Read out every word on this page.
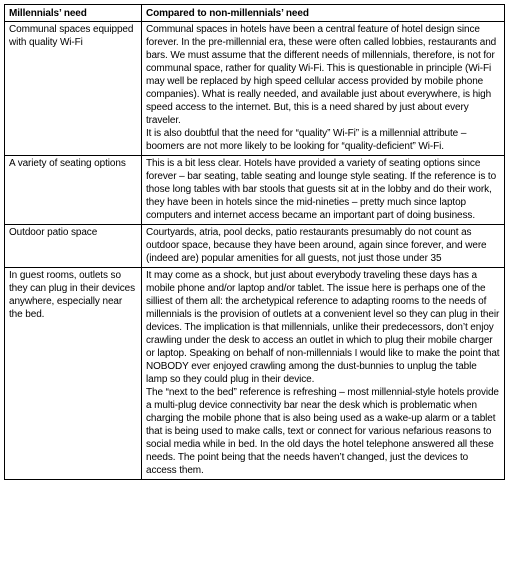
Millennials’ need	Compared to non-millennials’ need
Communal spaces equipped with quality Wi-Fi	Communal spaces in hotels have been a central feature of hotel design since forever. In the pre-millennial era, these were often called lobbies, restaurants and bars. We must assume that the different needs of millennials, therefore, is not for communal space, rather for quality Wi-Fi. This is questionable in principle (Wi-Fi may well be replaced by high speed cellular access provided by mobile phone companies). What is really needed, and available just about everywhere, is high speed access to the internet. But, this is a need shared by just about every traveler.

It is also doubtful that the need for “quality” Wi-Fi” is a millennial attribute – boomers are not more likely to be looking for “quality-deficient” Wi-Fi.

A variety of seating options	This is a bit less clear. Hotels have provided a variety of seating options since forever – bar seating, table seating and lounge style seating. If the reference is to those long tables with bar stools that guests sit at in the lobby and do their work, they have been in hotels since the mid-nineties – pretty much since laptop computers and internet access became an important part of doing business.

Outdoor patio space	Courtyards, atria, pool decks, patio restaurants presumably do not count as outdoor space, because they have been around, again since forever, and were (indeed are) popular amenities for all guests, not just those under 35

In guest rooms, outlets so they can plug in their devices anywhere, especially near the bed.	It may come as a shock, but just about everybody traveling these days has a mobile phone and/or laptop and/or tablet. The issue here is perhaps one of the silliest of them all: the archetypical reference to adapting rooms to the needs of millennials is the provision of outlets at a convenient level so they can plug in their devices. The implication is that millennials, unlike their predecessors, don’t enjoy crawling under the desk to access an outlet in which to plug their mobile charger or laptop. Speaking on behalf of non-millennials I would like to make the point that NOBODY ever enjoyed crawling among the dust-bunnies to unplug the table lamp so they could plug in their device.

The “next to the bed” reference is refreshing – most millennial-style hotels provide a multi-plug device connectivity bar near the desk which is problematic when charging the mobile phone that is also being used as a wake-up alarm or a tablet that is being used to make calls, text or connect for various nefarious reasons to social media while in bed. In the old days the hotel telephone answered all these needs. The point being that the needs haven’t changed, just the devices to access them.
